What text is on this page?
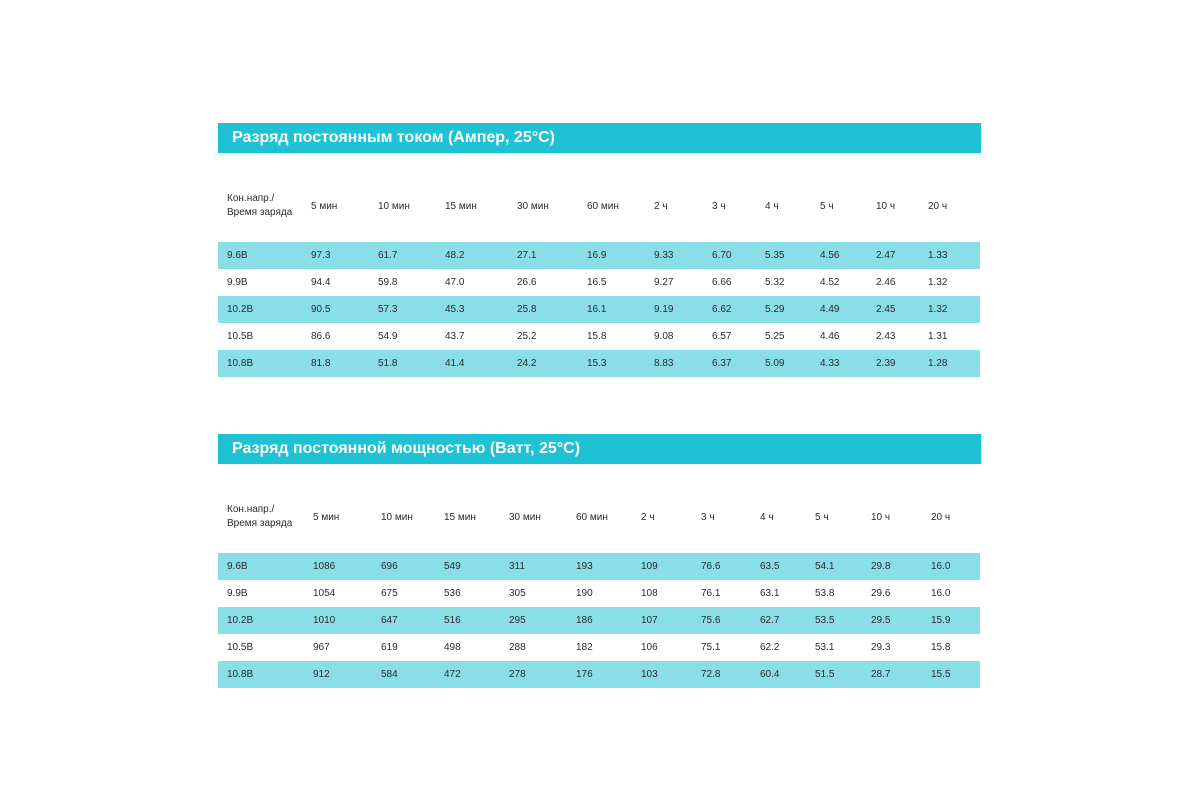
Разряд постоянным током (Ампер, 25°C)
Кон.напр./
Время заряда	5 мин	10 мин	15 мин	30 мин	60 мин	2 ч	3 ч	4 ч	5 ч	10 ч	20 ч
9.6В	97.3	61.7	48.2	27.1	16.9	9.33	6.70	5.35	4.56	2.47	1.33
9.9В	94.4	59.8	47.0	26.6	16.5	9.27	6.66	5.32	4.52	2.46	1.32
10.2В	90.5	57.3	45.3	25.8	16.1	9.19	6.62	5.29	4.49	2.45	1.32
10.5В	86.6	54.9	43.7	25.2	15.8	9.08	6.57	5.25	4.46	2.43	1.31
10.8В	81.8	51.8	41.4	24.2	15.3	8.83	6.37	5.09	4.33	2.39	1.28
Разряд постоянной мощностью (Ватт, 25°C)
Кон.напр./
Время заряда	5 мин	10 мин	15 мин	30 мин	60 мин	2 ч	3 ч	4 ч	5 ч	10 ч	20 ч
9.6В	1086	696	549	311	193	109	76.6	63.5	54.1	29.8	16.0
9.9В	1054	675	536	305	190	108	76.1	63.1	53.8	29.6	16.0
10.2В	1010	647	516	295	186	107	75.6	62.7	53.5	29.5	15.9
10.5В	967	619	498	288	182	106	75.1	62.2	53.1	29.3	15.8
10.8В	912	584	472	278	176	103	72.8	60.4	51.5	28.7	15.5
